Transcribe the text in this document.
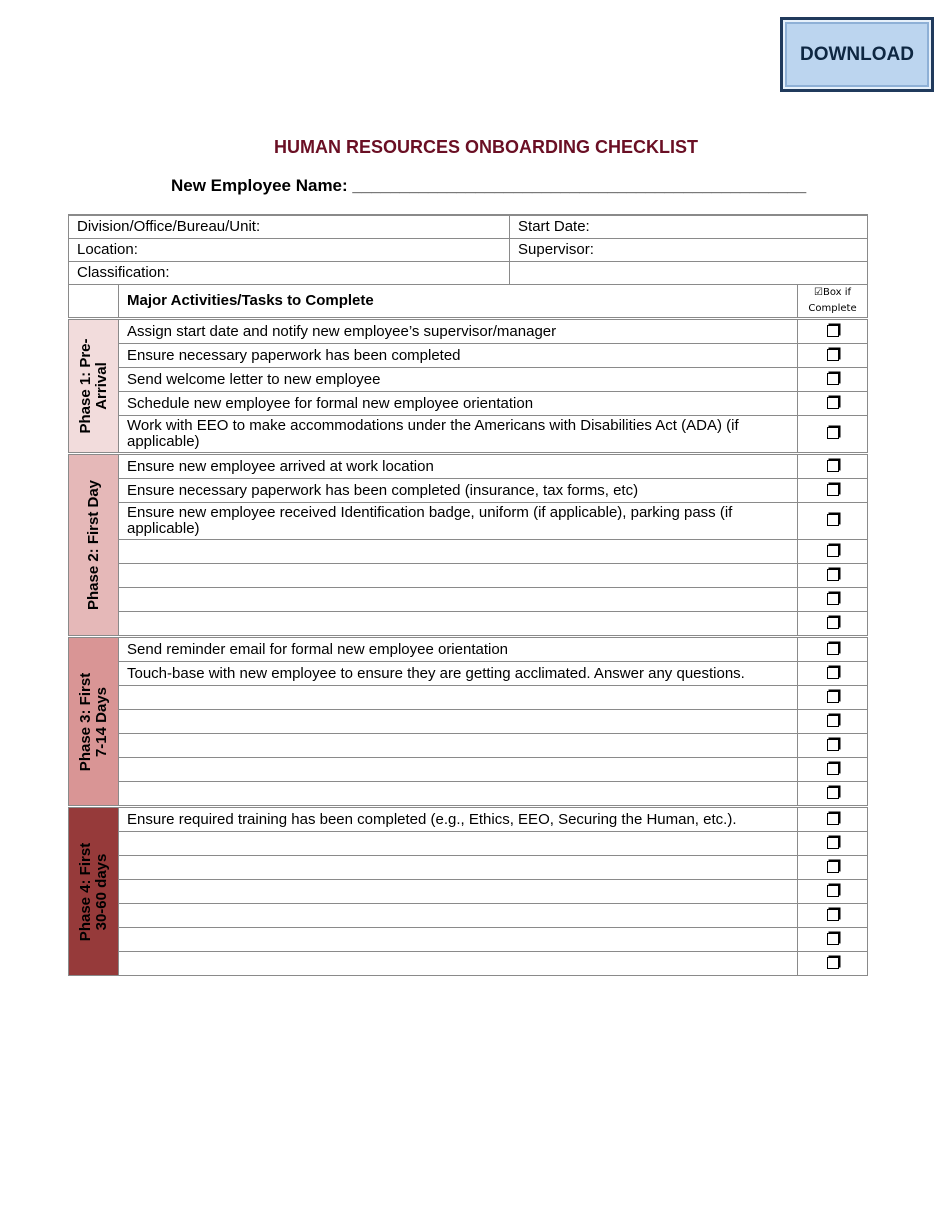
DOWNLOAD
HUMAN RESOURCES ONBOARDING CHECKLIST
New Employee Name: ________________________________________________
Division/Office/Bureau/Unit:		Start Date:	
Location:		Supervisor:	
Classification:			
	Major Activities/Tasks to Complete		☑Box if Complete

Phase 1: Pre-
Arrival	Assign start date and notify new employee’s supervisor/manager		
	Ensure necessary paperwork has been completed		
	Send welcome letter to new employee		
	Schedule new employee for formal new employee orientation		
	Work with EEO to make accommodations under the Americans with Disabilities Act (ADA) (if applicable)		

Phase 2: First Day	Ensure new employee arrived at work location		
	Ensure necessary paperwork has been completed (insurance, tax forms, etc)		
	Ensure new employee received Identification badge, uniform (if applicable), parking pass (if applicable)		

Phase 3: First
7-14 Days	Send reminder email for formal new employee orientation		
	Touch-base with new employee to ensure they are getting acclimated. Answer any questions.		

Phase 4: First
30-60 days	Ensure required training has been completed (e.g., Ethics, EEO, Securing the Human, etc.).		
